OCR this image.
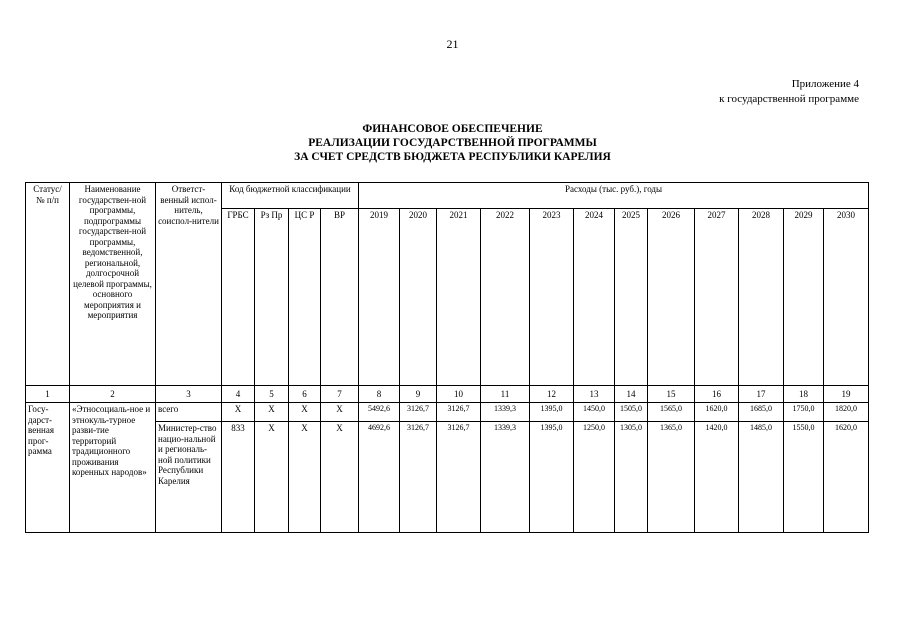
21
Приложение 4
к государственной программе
ФИНАНСОВОЕ ОБЕСПЕЧЕНИЕ
РЕАЛИЗАЦИИ ГОСУДАРСТВЕННОЙ ПРОГРАММЫ
ЗА СЧЕТ СРЕДСТВ БЮДЖЕТА РЕСПУБЛИКИ КАРЕЛИЯ
Статус/ № п/п	Наименование государствен-ной программы, подпрограммы государствен-ной программы, ведомственной, региональной, долгосрочной целевой программы, основного мероприятия и мероприятия	Ответст-венный испол-нитель, соиспол-нители	Код бюджетной классификации				Расходы (тыс. руб.), годы											
			ГРБС	Рз Пр	ЦС Р	ВР	2019	2020	2021	2022	2023	2024	2025	2026	2027	2028	2029	2030
1	2	3	4	5	6	7	8	9	10	11	12	13	14	15	16	17	18	19
Госу-дарст-венная прог-рамма	«Этносоциаль-ное и этнокуль-турное разви-тие территорий традиционного проживания коренных народов»	всего	X	X	X	X	5492,6	3126,7	3126,7	1339,3	1395,0	1450,0	1505,0	1565,0	1620,0	1685,0	1750,0	1820,0
		Министер-ство нацио-нальной и региональ-ной политики Республики Карелия	833	X	X	X	4692,6	3126,7	3126,7	1339,3	1395,0	1250,0	1305,0	1365,0	1420,0	1485,0	1550,0	1620,0
